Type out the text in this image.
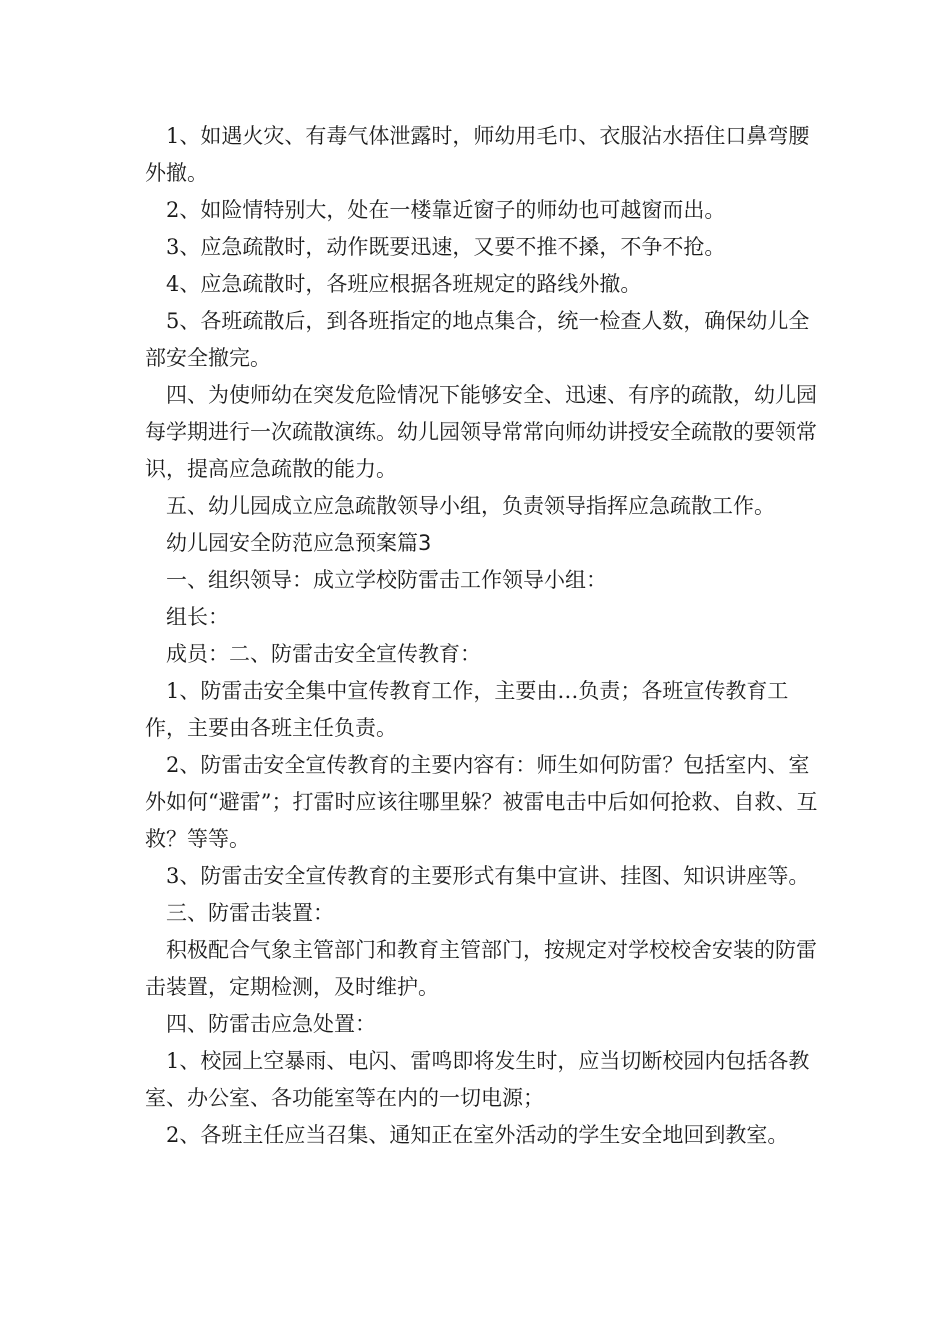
1、如遇火灾、有毒气体泄露时，师幼用毛巾、衣服沾水捂住口鼻弯腰外撤。

2、如险情特别大，处在一楼靠近窗子的师幼也可越窗而出。

3、应急疏散时，动作既要迅速，又要不推不搡，不争不抢。

4、应急疏散时，各班应根据各班规定的路线外撤。

5、各班疏散后，到各班指定的地点集合，统一检查人数，确保幼儿全部安全撤完。

四、为使师幼在突发危险情况下能够安全、迅速、有序的疏散，幼儿园每学期进行一次疏散演练。幼儿园领导常常向师幼讲授安全疏散的要领常识，提高应急疏散的能力。

五、幼儿园成立应急疏散领导小组，负责领导指挥应急疏散工作。

幼儿园安全防范应急预案篇3

一、组织领导：成立学校防雷击工作领导小组：

组长：

成员：二、防雷击安全宣传教育：

1、防雷击安全集中宣传教育工作，主要由…负责；各班宣传教育工作，主要由各班主任负责。

2、防雷击安全宣传教育的主要内容有：师生如何防雷？包括室内、室外如何“避雷”；打雷时应该往哪里躲？被雷电击中后如何抢救、自救、互救？等等。

3、防雷击安全宣传教育的主要形式有集中宣讲、挂图、知识讲座等。

三、防雷击装置：

积极配合气象主管部门和教育主管部门，按规定对学校校舍安装的防雷击装置，定期检测，及时维护。

四、防雷击应急处置：

1、校园上空暴雨、电闪、雷鸣即将发生时，应当切断校园内包括各教室、办公室、各功能室等在内的一切电源；

2、各班主任应当召集、通知正在室外活动的学生安全地回到教室。
